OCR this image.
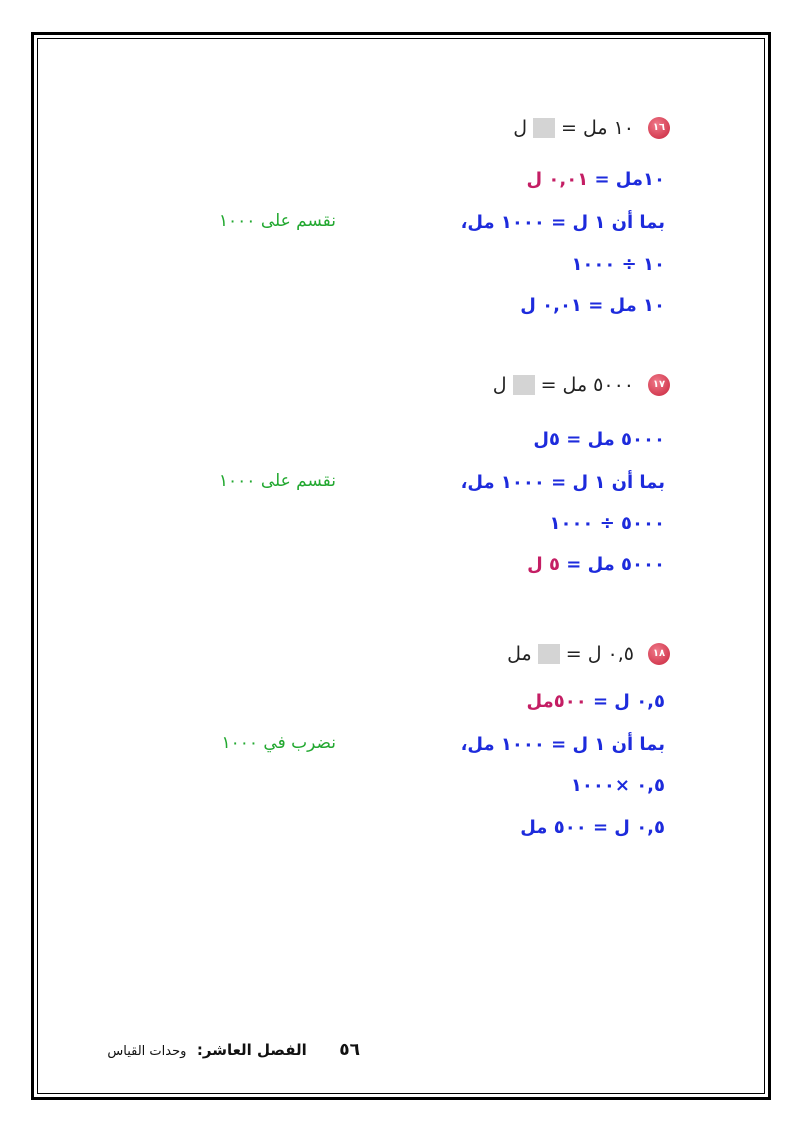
١٦
١٠ مل =
ل
١٠مل = ٠,٠١ ل
بما أن ١ ل = ١٠٠٠ مل،
نقسم على ١٠٠٠
١٠ ÷ ١٠٠٠
١٠ مل = ٠,٠١ ل
١٧
٥٠٠٠ مل =
ل
٥٠٠٠ مل = ٥ل
بما أن ١ ل = ١٠٠٠ مل،
نقسم على ١٠٠٠
٥٠٠٠ ÷ ١٠٠٠
٥٠٠٠ مل = ٥ ل
١٨
٠,٥ ل =
مل
٠,٥ ل = ٥٠٠مل
بما أن ١ ل = ١٠٠٠ مل،
نضرب في ١٠٠٠
٠,٥ ×١٠٠٠
٠,٥ ل = ٥٠٠ مل
٥٦ الفصل العاشر: وحدات القياس
